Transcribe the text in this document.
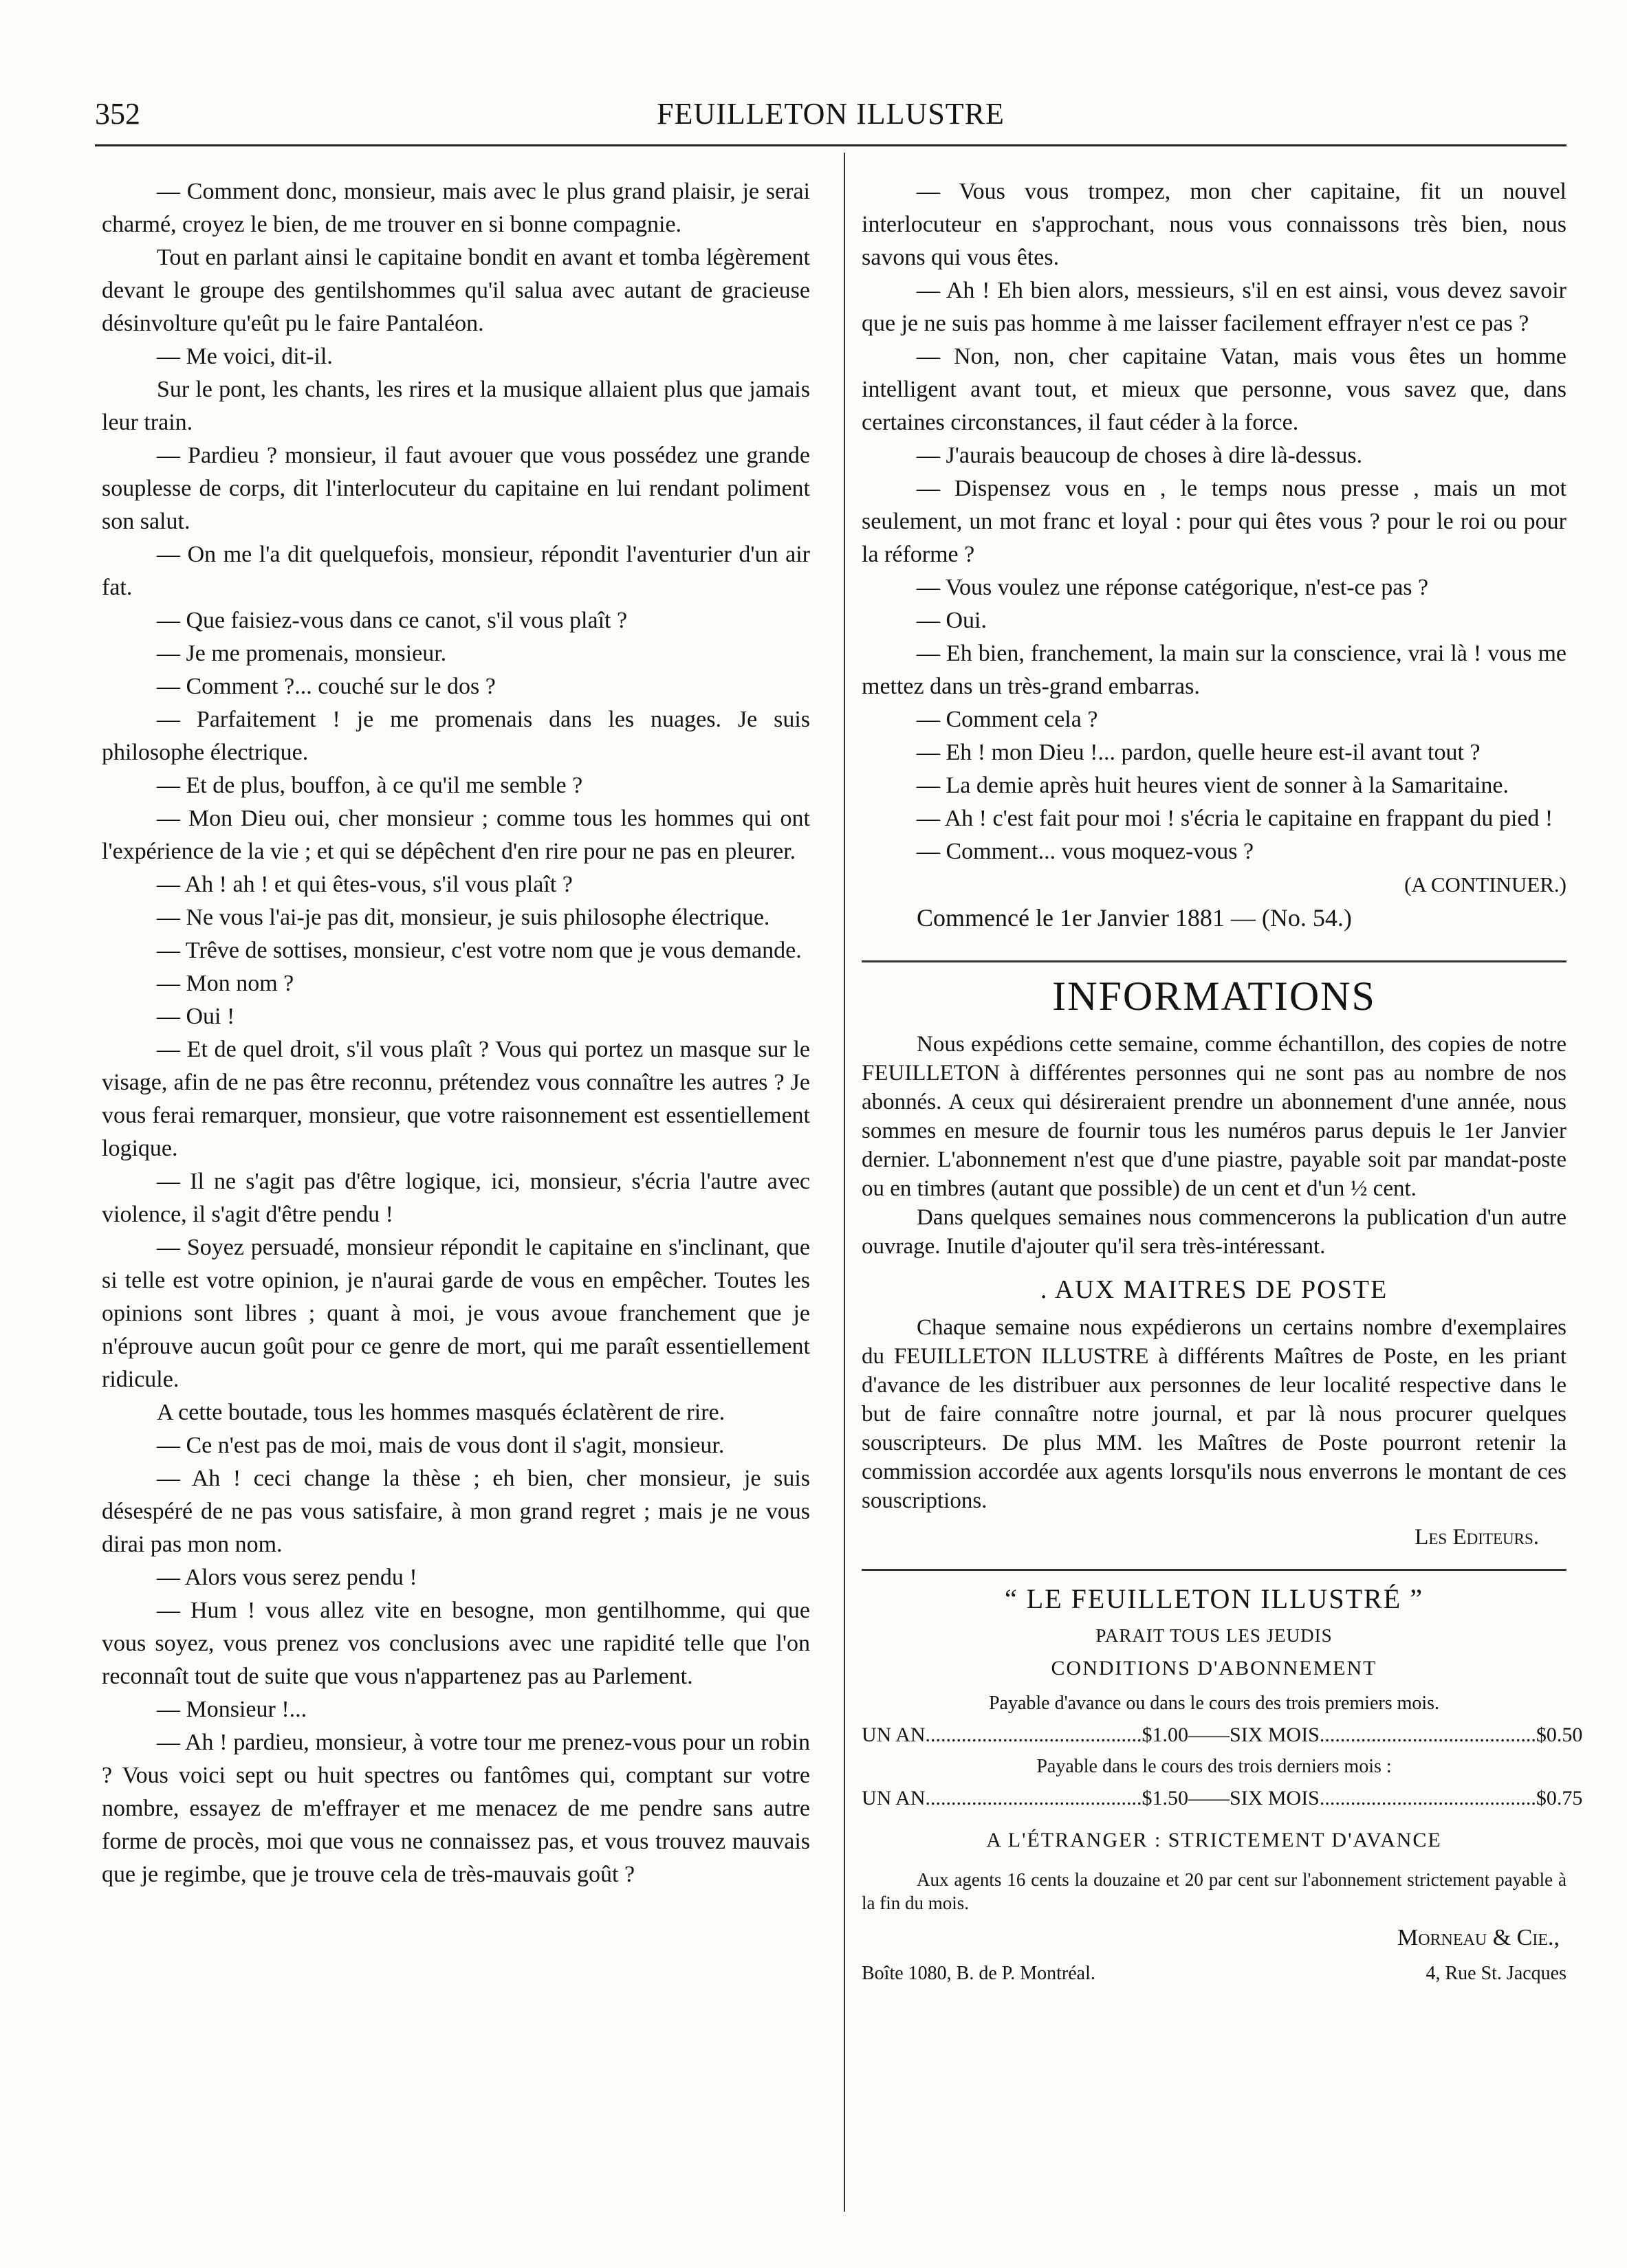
352	FEUILLETON ILLUSTRE

— Comment donc, monsieur, mais avec le plus grand plaisir, je serai charmé, croyez le bien, de me trouver en si bonne compagnie.

Tout en parlant ainsi le capitaine bondit en avant et tomba légèrement devant le groupe des gentilshommes qu'il salua avec autant de gracieuse désinvolture qu'eût pu le faire Pantaléon.

— Me voici, dit-il.

Sur le pont, les chants, les rires et la musique allaient plus que jamais leur train.

— Pardieu ? monsieur, il faut avouer que vous possédez une grande souplesse de corps, dit l'interlocuteur du capitaine en lui rendant poliment son salut.

— On me l'a dit quelquefois, monsieur, répondit l'aventurier d'un air fat.

— Que faisiez-vous dans ce canot, s'il vous plaît ?

— Je me promenais, monsieur.

— Comment ?... couché sur le dos ?

— Parfaitement ! je me promenais dans les nuages. Je suis philosophe électrique.

— Et de plus, bouffon, à ce qu'il me semble ?

— Mon Dieu oui, cher monsieur ; comme tous les hommes qui ont l'expérience de la vie ; et qui se dépêchent d'en rire pour ne pas en pleurer.

— Ah ! ah ! et qui êtes-vous, s'il vous plaît ?

— Ne vous l'ai-je pas dit, monsieur, je suis philosophe électrique.

— Trêve de sottises, monsieur, c'est votre nom que je vous demande.

— Mon nom ?

— Oui !

— Et de quel droit, s'il vous plaît ? Vous qui portez un masque sur le visage, afin de ne pas être reconnu, prétendez vous connaître les autres ? Je vous ferai remarquer, monsieur, que votre raisonnement est essentiellement logique.

— Il ne s'agit pas d'être logique, ici, monsieur, s'écria l'autre avec violence, il s'agit d'être pendu !

— Soyez persuadé, monsieur répondit le capitaine en s'inclinant, que si telle est votre opinion, je n'aurai garde de vous en empêcher. Toutes les opinions sont libres ; quant à moi, je vous avoue franchement que je n'éprouve aucun goût pour ce genre de mort, qui me paraît essentiellement ridicule.

A cette boutade, tous les hommes masqués éclatèrent de rire.

— Ce n'est pas de moi, mais de vous dont il s'agit, monsieur.

— Ah ! ceci change la thèse ; eh bien, cher monsieur, je suis désespéré de ne pas vous satisfaire, à mon grand regret ; mais je ne vous dirai pas mon nom.

— Alors vous serez pendu !

— Hum ! vous allez vite en besogne, mon gentilhomme, qui que vous soyez, vous prenez vos conclusions avec une rapidité telle que l'on reconnaît tout de suite que vous n'appartenez pas au Parlement.

— Monsieur !...

— Ah ! pardieu, monsieur, à votre tour me prenez-vous pour un robin ? Vous voici sept ou huit spectres ou fantômes qui, comptant sur votre nombre, essayez de m'effrayer et me menacez de me pendre sans autre forme de procès, moi que vous ne connaissez pas, et vous trouvez mauvais que je regimbe, que je trouve cela de très-mauvais goût ?

— Vous vous trompez, mon cher capitaine, fit un nouvel interlocuteur en s'approchant, nous vous connaissons très bien, nous savons qui vous êtes.

— Ah ! Eh bien alors, messieurs, s'il en est ainsi, vous devez savoir que je ne suis pas homme à me laisser facilement effrayer n'est ce pas ?

— Non, non, cher capitaine Vatan, mais vous êtes un homme intelligent avant tout, et mieux que personne, vous savez que, dans certaines circonstances, il faut céder à la force.

— J'aurais beaucoup de choses à dire là-dessus.

— Dispensez vous en , le temps nous presse , mais un mot seulement, un mot franc et loyal : pour qui êtes vous ? pour le roi ou pour la réforme ?

— Vous voulez une réponse catégorique, n'est-ce pas ?

— Oui.

— Eh bien, franchement, la main sur la conscience, vrai là ! vous me mettez dans un très-grand embarras.

— Comment cela ?

— Eh ! mon Dieu !... pardon, quelle heure est-il avant tout ?

— La demie après huit heures vient de sonner à la Samaritaine.

— Ah ! c'est fait pour moi ! s'écria le capitaine en frappant du pied !

— Comment... vous moquez-vous ?

(A CONTINUER.)

Commencé le 1er Janvier 1881 — (No. 54.)

INFORMATIONS

Nous expédions cette semaine, comme échantillon, des copies de notre FEUILLETON à différentes personnes qui ne sont pas au nombre de nos abonnés. A ceux qui désireraient prendre un abonnement d'une année, nous sommes en mesure de fournir tous les numéros parus depuis le 1er Janvier dernier. L'abonnement n'est que d'une piastre, payable soit par mandat-poste ou en timbres (autant que possible) de un cent et d'un ½ cent.

Dans quelques semaines nous commencerons la publication d'un autre ouvrage. Inutile d'ajouter qu'il sera très-intéressant.

. AUX MAITRES DE POSTE

Chaque semaine nous expédierons un certains nombre d'exemplaires du FEUILLETON ILLUSTRE à différents Maîtres de Poste, en les priant d'avance de les distribuer aux personnes de leur localité respective dans le but de faire connaître notre journal, et par là nous procurer quelques souscripteurs. De plus MM. les Maîtres de Poste pourront retenir la commission accordée aux agents lorsqu'ils nous enverrons le montant de ces souscriptions.

Les Editeurs.
“ LE FEUILLETON ILLUSTRÉ ”
PARAIT TOUS LES JEUDIS
CONDITIONS D'ABONNEMENT
Payable d'avance ou dans le cours des trois premiers mois.
UN AN .......................................... $1.00 —— SIX MOIS .......................................... $0.50
Payable dans le cours des trois derniers mois :
UN AN .......................................... $1.50 —— SIX MOIS .......................................... $0.75
A L'ÉTRANGER : STRICTEMENT D'AVANCE

Aux agents 16 cents la douzaine et 20 par cent sur l'abonnement strictement payable à la fin du mois.

Morneau & Cie.,
Boîte 1080, B. de P. Montréal.	4, Rue St. Jacques
